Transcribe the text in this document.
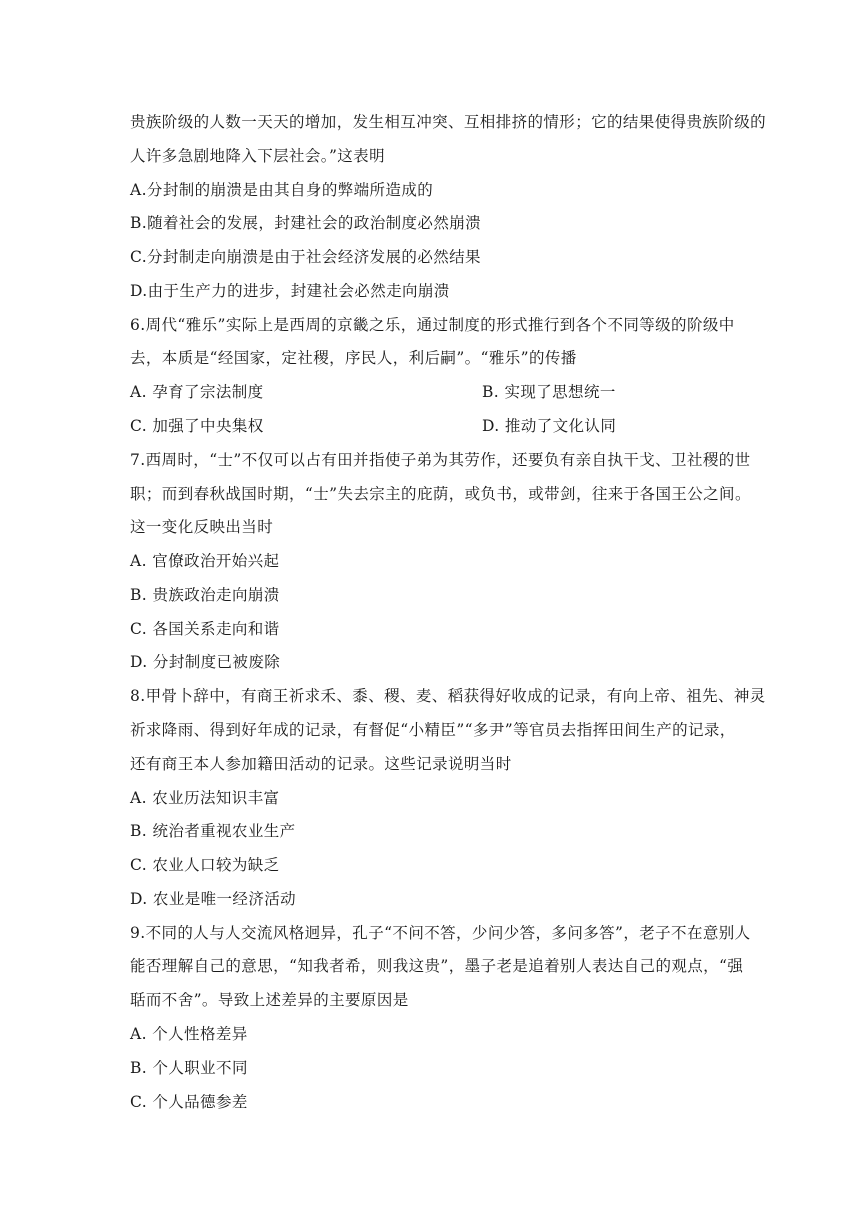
贵族阶级的人数一天天的增加，发生相互冲突、互相排挤的情形；它的结果使得贵族阶级的
人许多急剧地降入下层社会。”这表明
A.分封制的崩溃是由其自身的弊端所造成的
B.随着社会的发展，封建社会的政治制度必然崩溃
C.分封制走向崩溃是由于社会经济发展的必然结果
D.由于生产力的进步，封建社会必然走向崩溃
6.周代“雅乐”实际上是西周的京畿之乐，通过制度的形式推行到各个不同等级的阶级中
去，本质是“经国家，定社稷，序民人，利后嗣”。“雅乐”的传播
A. 孕育了宗法制度	B. 实现了思想统一
C. 加强了中央集权	D. 推动了文化认同
7.西周时，“士”不仅可以占有田并指使子弟为其劳作，还要负有亲自执干戈、卫社稷的世
职；而到春秋战国时期，“士”失去宗主的庇荫，或负书，或带剑，往来于各国王公之间。
这一变化反映出当时
A. 官僚政治开始兴起
B. 贵族政治走向崩溃
C. 各国关系走向和谐
D. 分封制度已被废除
8.甲骨卜辞中，有商王祈求禾、黍、稷、麦、稻获得好收成的记录，有向上帝、祖先、神灵
祈求降雨、得到好年成的记录，有督促“小精臣”“多尹”等官员去指挥田间生产的记录，
还有商王本人参加籍田活动的记录。这些记录说明当时
A. 农业历法知识丰富
B. 统治者重视农业生产
C. 农业人口较为缺乏
D. 农业是唯一经济活动
9.不同的人与人交流风格迥异，孔子“不问不答，少问少答，多问多答”，老子不在意别人
能否理解自己的意思，“知我者希，则我这贵”，墨子老是追着别人表达自己的观点，“强
聒而不舍”。导致上述差异的主要原因是
A. 个人性格差异
B. 个人职业不同
C. 个人品德参差
